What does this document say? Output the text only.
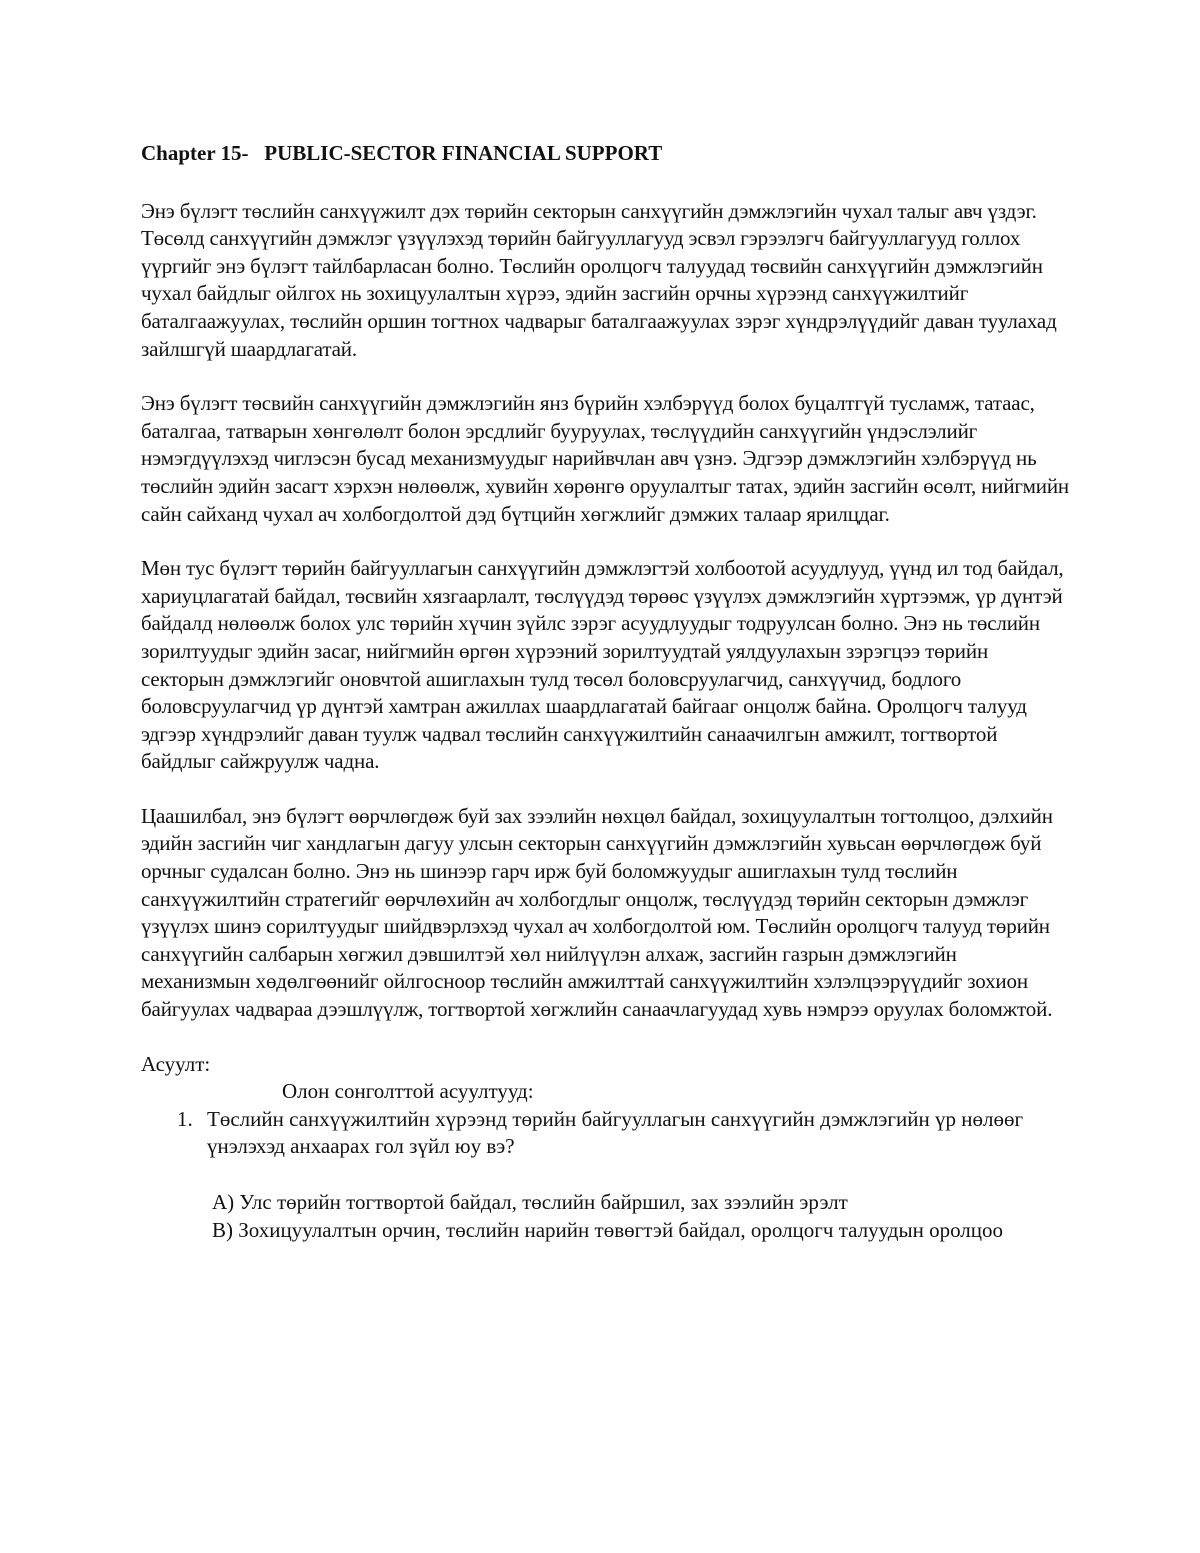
Chapter 15-   PUBLIC-SECTOR FINANCIAL SUPPORT

Энэ бүлэгт төслийн санхүүжилт дэх төрийн секторын санхүүгийн дэмжлэгийн чухал талыг авч үздэг. Төсөлд санхүүгийн дэмжлэг үзүүлэхэд төрийн байгууллагууд эсвэл гэрээлэгч байгууллагууд голлох үүргийг энэ бүлэгт тайлбарласан болно. Төслийн оролцогч талуудад төсвийн санхүүгийн дэмжлэгийн чухал байдлыг ойлгох нь зохицуулалтын хүрээ, эдийн засгийн орчны хүрээнд санхүүжилтийг баталгаажуулах, төслийн оршин тогтнох чадварыг баталгаажуулах зэрэг хүндрэлүүдийг даван туулахад зайлшгүй шаардлагатай.

Энэ бүлэгт төсвийн санхүүгийн дэмжлэгийн янз бүрийн хэлбэрүүд болох буцалтгүй тусламж, татаас, баталгаа, татварын хөнгөлөлт болон эрсдлийг бууруулах, төслүүдийн санхүүгийн үндэслэлийг нэмэгдүүлэхэд чиглэсэн бусад механизмуудыг нарийвчлан авч үзнэ. Эдгээр дэмжлэгийн хэлбэрүүд нь төслийн эдийн засагт хэрхэн нөлөөлж, хувийн хөрөнгө оруулалтыг татах, эдийн засгийн өсөлт, нийгмийн сайн сайханд чухал ач холбогдолтой дэд бүтцийн хөгжлийг дэмжих талаар ярилцдаг.

Мөн тус бүлэгт төрийн байгууллагын санхүүгийн дэмжлэгтэй холбоотой асуудлууд, үүнд ил тод байдал, хариуцлагатай байдал, төсвийн хязгаарлалт, төслүүдэд төрөөс үзүүлэх дэмжлэгийн хүртээмж, үр дүнтэй байдалд нөлөөлж болох улс төрийн хүчин зүйлс зэрэг асуудлуудыг тодруулсан болно. Энэ нь төслийн зорилтуудыг эдийн засаг, нийгмийн өргөн хүрээний зорилтуудтай уялдуулахын зэрэгцээ төрийн секторын дэмжлэгийг оновчтой ашиглахын тулд төсөл боловсруулагчид, санхүүчид, бодлого боловсруулагчид үр дүнтэй хамтран ажиллах шаардлагатай байгааг онцолж байна. Оролцогч талууд эдгээр хүндрэлийг даван туулж чадвал төслийн санхүүжилтийн санаачилгын амжилт, тогтвортой байдлыг сайжруулж чадна.

Цаашилбал, энэ бүлэгт өөрчлөгдөж буй зах зээлийн нөхцөл байдал, зохицуулалтын тогтолцоо, дэлхийн эдийн засгийн чиг хандлагын дагуу улсын секторын санхүүгийн дэмжлэгийн хувьсан өөрчлөгдөж буй орчныг судалсан болно. Энэ нь шинээр гарч ирж буй боломжуудыг ашиглахын тулд төслийн санхүүжилтийн стратегийг өөрчлөхийн ач холбогдлыг онцолж, төслүүдэд төрийн секторын дэмжлэг үзүүлэх шинэ сорилтуудыг шийдвэрлэхэд чухал ач холбогдолтой юм. Төслийн оролцогч талууд төрийн санхүүгийн салбарын хөгжил дэвшилтэй хөл нийлүүлэн алхаж, засгийн газрын дэмжлэгийн механизмын хөдөлгөөнийг ойлгосноор төслийн амжилттай санхүүжилтийн хэлэлцээрүүдийг зохион байгуулах чадвараа дээшлүүлж, тогтвортой хөгжлийн санаачлагуудад хувь нэмрээ оруулах боломжтой.

Асуулт:
Олон сонголттой асуултууд:
1. Төслийн санхүүжилтийн хүрээнд төрийн байгууллагын санхүүгийн дэмжлэгийн үр нөлөөг үнэлэхэд анхаарах гол зүйл юу вэ?
A) Улс төрийн тогтвортой байдал, төслийн байршил, зах зээлийн эрэлт
B) Зохицуулалтын орчин, төслийн нарийн төвөгтэй байдал, оролцогч талуудын оролцоо
